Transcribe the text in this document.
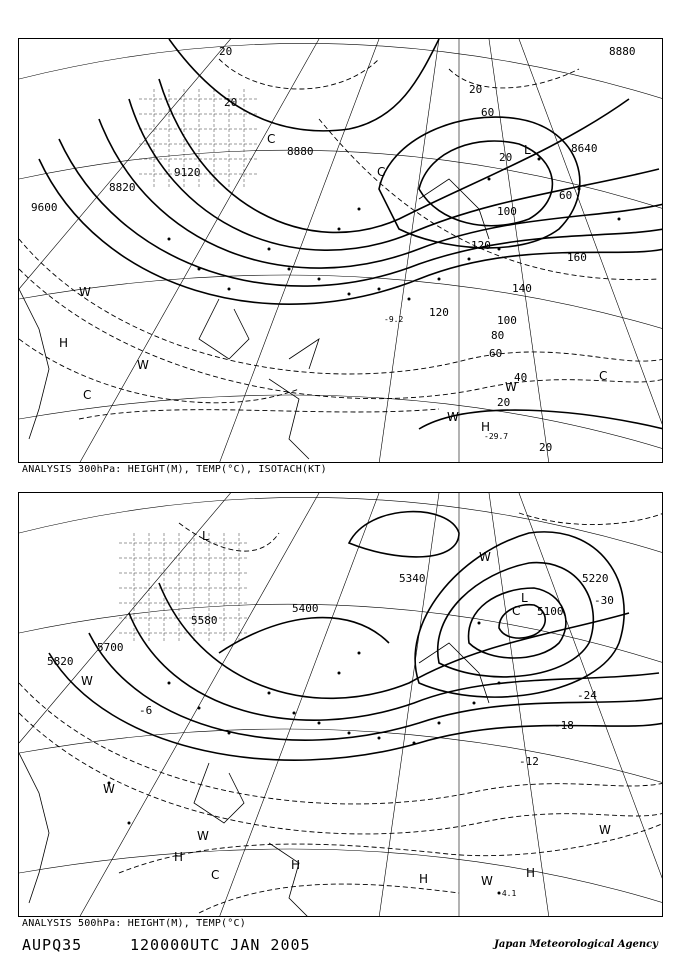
9120
8820
9600
8880	8640
8880
20
20
20
60
20
60
100
120
160
140
120
100
80
60
40
20
20
-29.7
-9.2
L
C
C
C
C
H
H
W
W
W
W
ANALYSIS 300hPa: HEIGHT(M), TEMP(°C), ISOTACH(KT)
5820
5700
5580
5400
5340
5100
5220
-30
-24
-18
-12
-6
-4.1
L
L
C
C
H
H
H	H
W
W
W
W	W
W
ANALYSIS 500hPa: HEIGHT(M), TEMP(°C)
AUPQ35	120000UTC JAN 2005	Japan Meteorological Agency
